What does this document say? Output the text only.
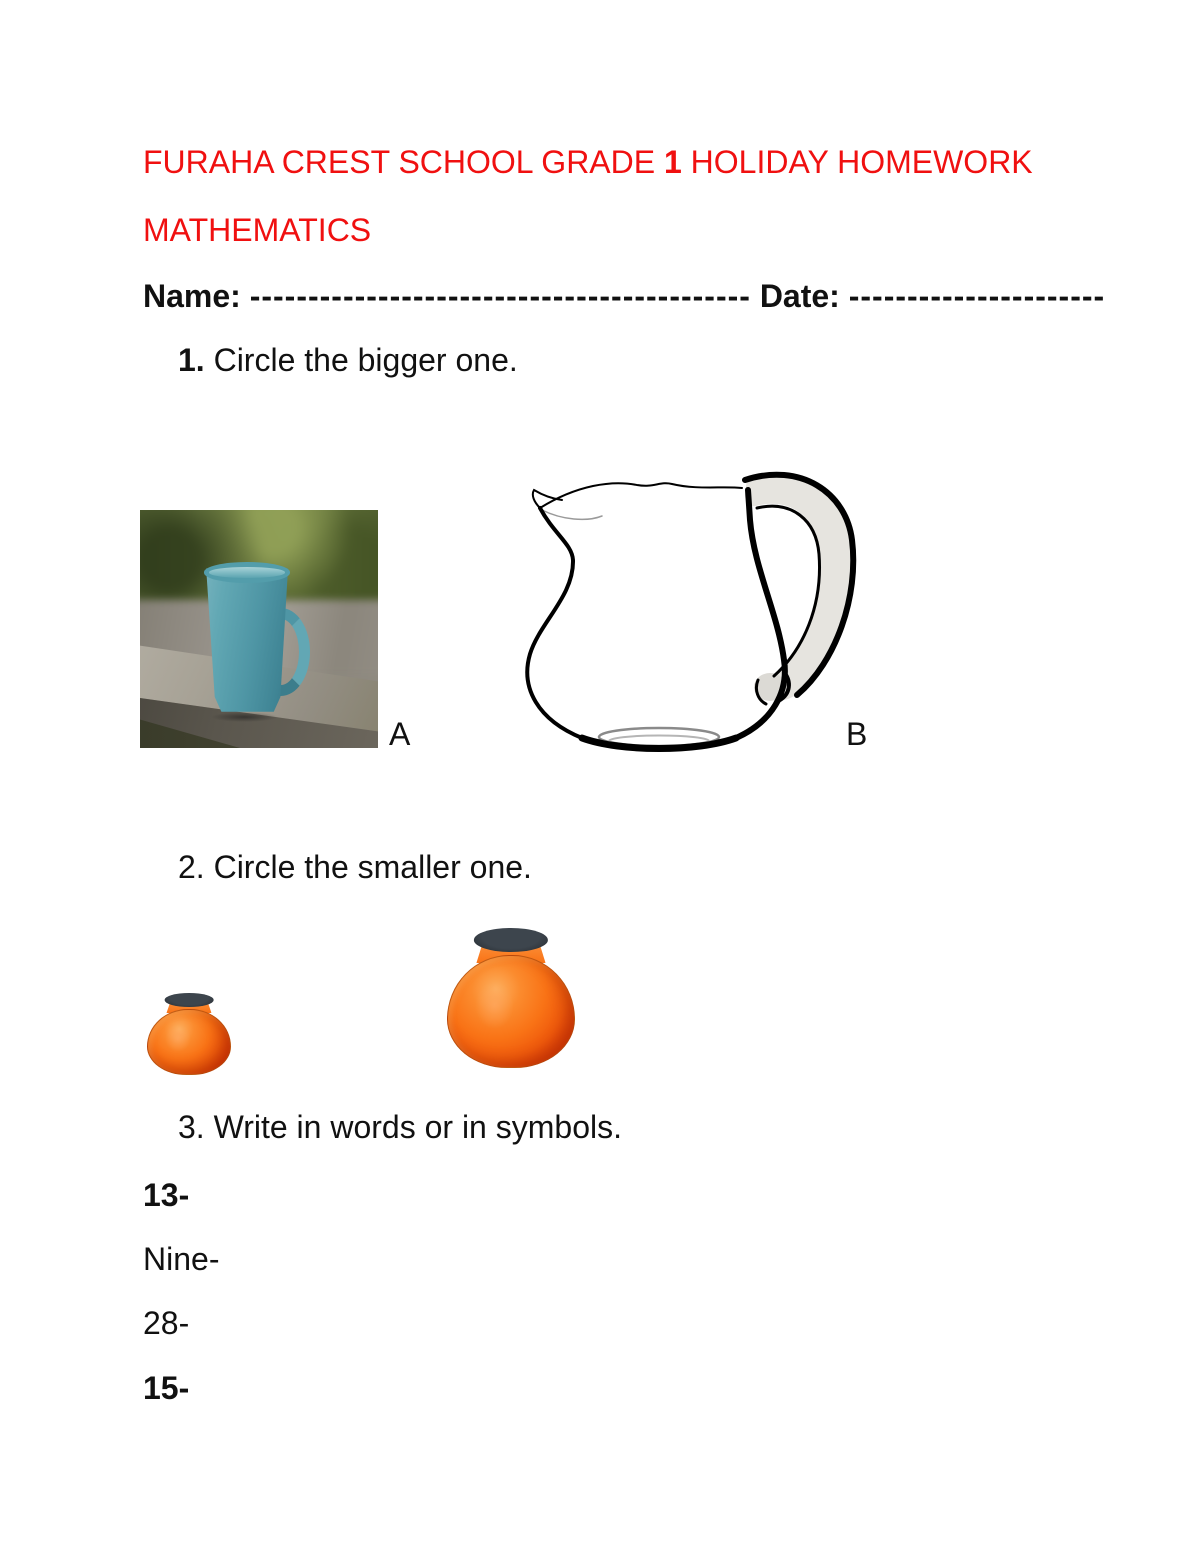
FURAHA CREST SCHOOL GRADE 1 HOLIDAY HOMEWORK
MATHEMATICS
Name: ------------------------------------------- Date: ----------------------
1. Circle the bigger one.
A	B
2. Circle the smaller one.
3. Write in words or in symbols.
13-
Nine-
28-
15-
